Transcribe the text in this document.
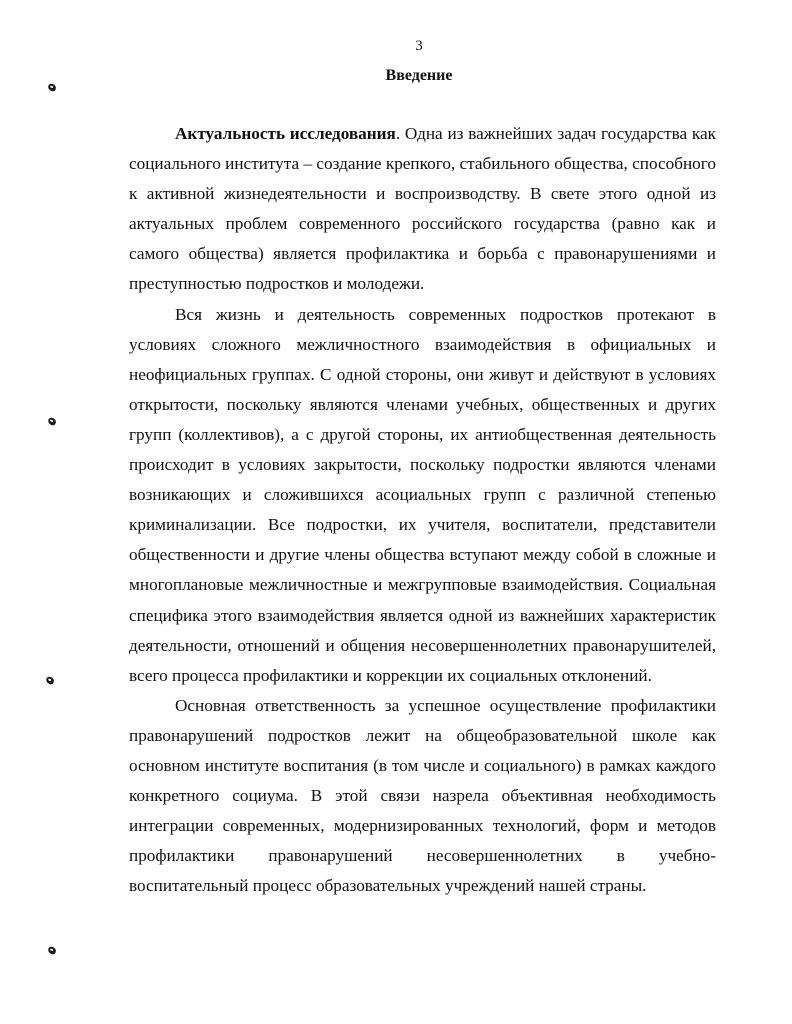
3
Введение

Актуальность исследования. Одна из важнейших задач государства как социального института – создание крепкого, стабильного общества, способного к активной жизнедеятельности и воспроизводству. В свете этого одной из актуальных проблем современного российского государства (равно как и самого общества) является профилактика и борьба с правонарушениями и преступностью подростков и молодежи.

Вся жизнь и деятельность современных подростков протекают в условиях сложного межличностного взаимодействия в официальных и неофициальных группах. С одной стороны, они живут и действуют в условиях открытости, поскольку являются членами учебных, общественных и других групп (коллективов), а с другой стороны, их антиобщественная деятельность происходит в условиях закрытости, поскольку подростки являются членами возникающих и сложившихся асоциальных групп с различной степенью криминализации. Все подростки, их учителя, воспитатели, представители общественности и другие члены общества вступают между собой в сложные и многоплановые межличностные и межгрупповые взаимодействия. Социальная специфика этого взаимодействия является одной из важнейших характеристик деятельности, отношений и общения несовершеннолетних правонарушителей, всего процесса профилактики и коррекции их социальных отклонений.

Основная ответственность за успешное осуществление профилактики правонарушений подростков лежит на общеобразовательной школе как основном институте воспитания (в том числе и социального) в рамках каждого конкретного социума. В этой связи назрела объективная необходимость интеграции современных, модернизированных технологий, форм и методов профилактики правонарушений несовершеннолетних в учебно-воспитательный процесс образовательных учреждений нашей страны.
